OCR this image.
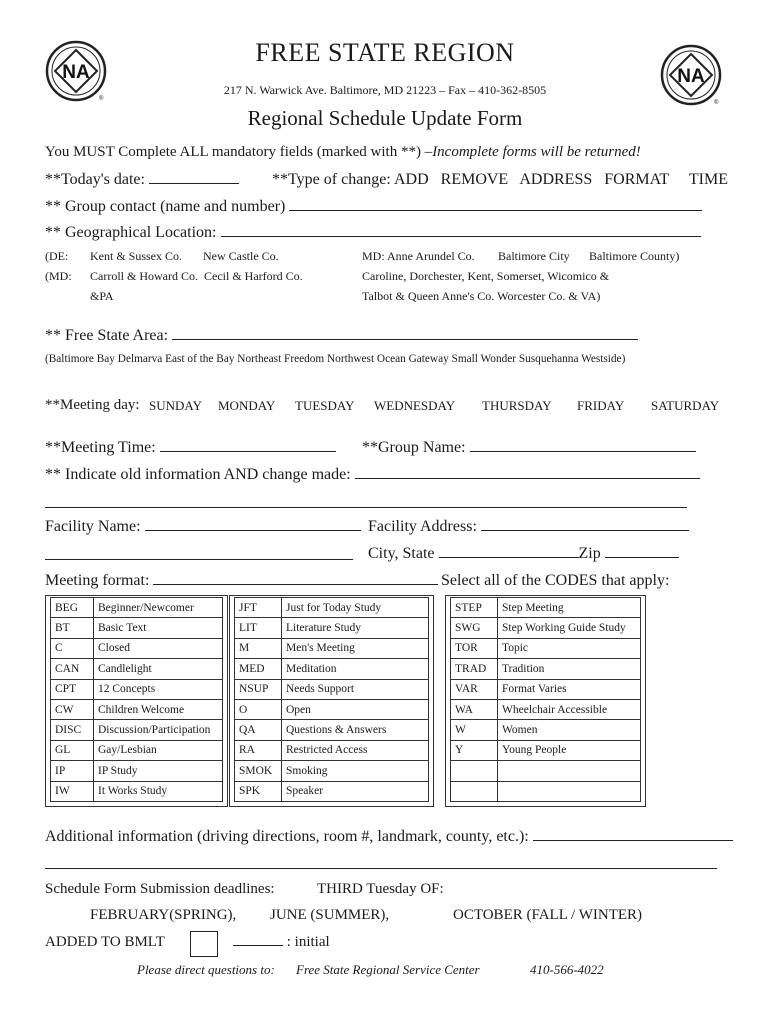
NA
®
NA
®
FREE STATE REGION
217 N. Warwick Ave. Baltimore, MD 21223 – Fax – 410-362-8505
Regional Schedule Update Form
You MUST Complete ALL mandatory fields (marked with **) –Incomplete forms will be returned!
**Today's date:	**Type of change: ADD REMOVE ADDRESS FORMAT TIME
** Group contact (name and number)
** Geographical Location:
(DE: Kent & Sussex Co. New Castle Co.	MD: Anne Arundel Co. Baltimore City Baltimore County)
(MD: Carroll & Howard Co. Cecil & Harford Co.	Caroline, Dorchester, Kent, Somerset, Wicomico &
&PA	Talbot & Queen Anne's Co. Worcester Co. & VA)
** Free State Area:
(Baltimore Bay Delmarva East of the Bay Northeast Freedom Northwest Ocean Gateway Small Wonder Susquehanna Westside)
**Meeting day: SUNDAY MONDAY TUESDAY WEDNESDAY THURSDAY FRIDAY SATURDAY
**Meeting Time:	**Group Name:
** Indicate old information AND change made:
Facility Name:	Facility Address:
City, State	Zip
Meeting format:	Select all of the CODES that apply:
BEG	Beginner/Newcomer
BT	Basic Text
C	Closed
CAN	Candlelight
CPT	12 Concepts
CW	Children Welcome
DISC	Discussion/Participation
GL	Gay/Lesbian
IP	IP Study
IW	It Works Study
JFT	Just for Today Study
LIT	Literature Study
M	Men's Meeting
MED	Meditation
NSUP	Needs Support
O	Open
QA	Questions & Answers
RA	Restricted Access
SMOK	Smoking
SPK	Speaker
STEP	Step Meeting
SWG	Step Working Guide Study
TOR	Topic
TRAD	Tradition
VAR	Format Varies
WA	Wheelchair Accessible
W	Women
Y	Young People

Additional information (driving directions, room #, landmark, county, etc.):
Schedule Form Submission deadlines:	THIRD Tuesday OF:
FEBRUARY(SPRING), JUNE (SUMMER),	OCTOBER (FALL / WINTER)
ADDED TO BMLT	: initial
Please direct questions to: Free State Regional Service Center	410-566-4022
